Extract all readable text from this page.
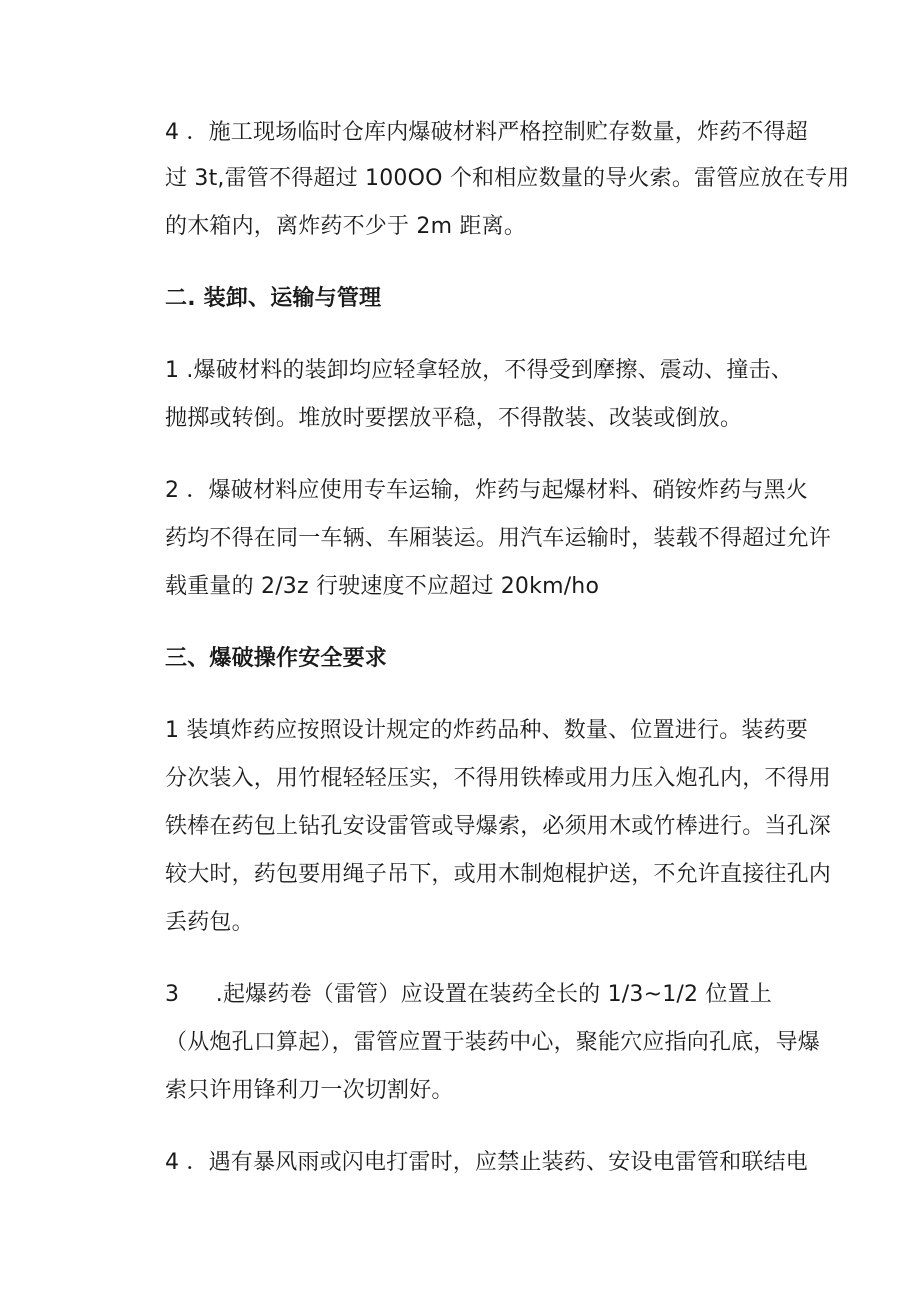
4 ．施工现场临时仓库内爆破材料严格控制贮存数量，炸药不得超
过 3t,雷管不得超过 100OO 个和相应数量的导火索。雷管应放在专用
的木箱内，离炸药不少于 2m 距离。
二. 装卸、运输与管理
1 .爆破材料的装卸均应轻拿轻放，不得受到摩擦、震动、撞击、
抛掷或转倒。堆放时要摆放平稳，不得散装、改装或倒放。
2 ．爆破材料应使用专车运输，炸药与起爆材料、硝铵炸药与黑火
药均不得在同一车辆、车厢装运。用汽车运输时，装载不得超过允许
载重量的 2/3z 行驶速度不应超过 20km/ho
三、爆破操作安全要求
1 装填炸药应按照设计规定的炸药品种、数量、位置进行。装药要
分次装入，用竹棍轻轻压实，不得用铁棒或用力压入炮孔内，不得用
铁棒在药包上钻孔安设雷管或导爆索，必须用木或竹棒进行。当孔深
较大时，药包要用绳子吊下，或用木制炮棍护送，不允许直接往孔内
丢药包。
3 　 .起爆药卷（雷管）应设置在装药全长的 1/3~1/2 位置上
（从炮孔口算起），雷管应置于装药中心，聚能穴应指向孔底，导爆
索只许用锋利刀一次切割好。
4 ．遇有暴风雨或闪电打雷时，应禁止装药、安设电雷管和联结电
